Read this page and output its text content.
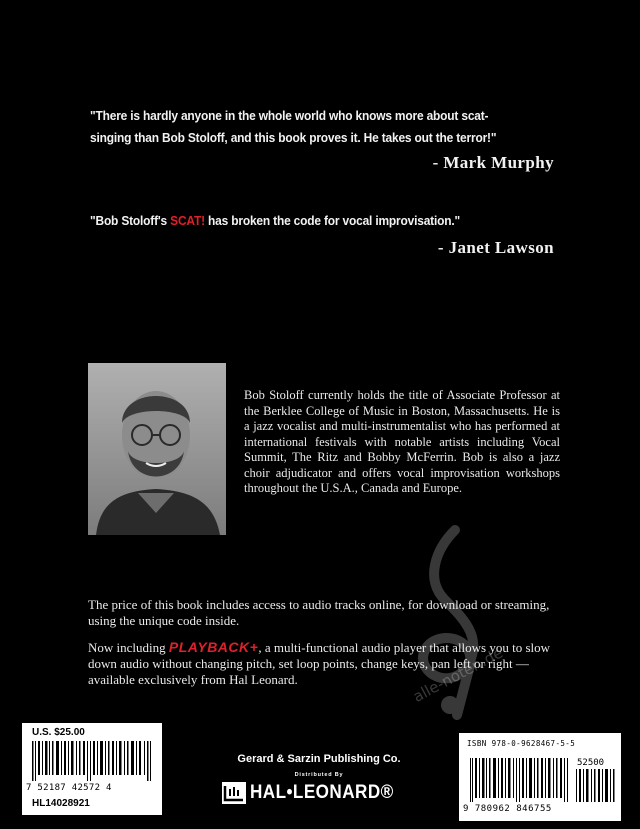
"There is hardly anyone in the whole world who knows more about scat-singing than Bob Stoloff, and this book proves it. He takes out the terror!"
- Mark Murphy
"Bob Stoloff's SCAT! has broken the code for vocal improvisation."
- Janet Lawson
Bob Stoloff currently holds the title of Associate Professor at the Berklee College of Music in Boston, Massachusetts. He is a jazz vocalist and multi-instrumentalist who has performed at international festivals with notable artists including Vocal Summit, The Ritz and Bobby McFerrin. Bob is also a jazz choir adjudicator and offers vocal improvisation workshops throughout the U.S.A., Canada and Europe.
alle-noten.de
The price of this book includes access to audio tracks online, for download or streaming, using the unique code inside.
Now including PLAYBACK+, a multi-functional audio player that allows you to slow down audio without changing pitch, set loop points, change keys, pan left or right — available exclusively from Hal Leonard.
U.S. $25.00
7 52187 42572 4
HL14028921
Gerard & Sarzin Publishing Co.
Distributed By
HAL•LEONARD®
ISBN 978-0-9628467-5-5
52500
9 780962 846755
